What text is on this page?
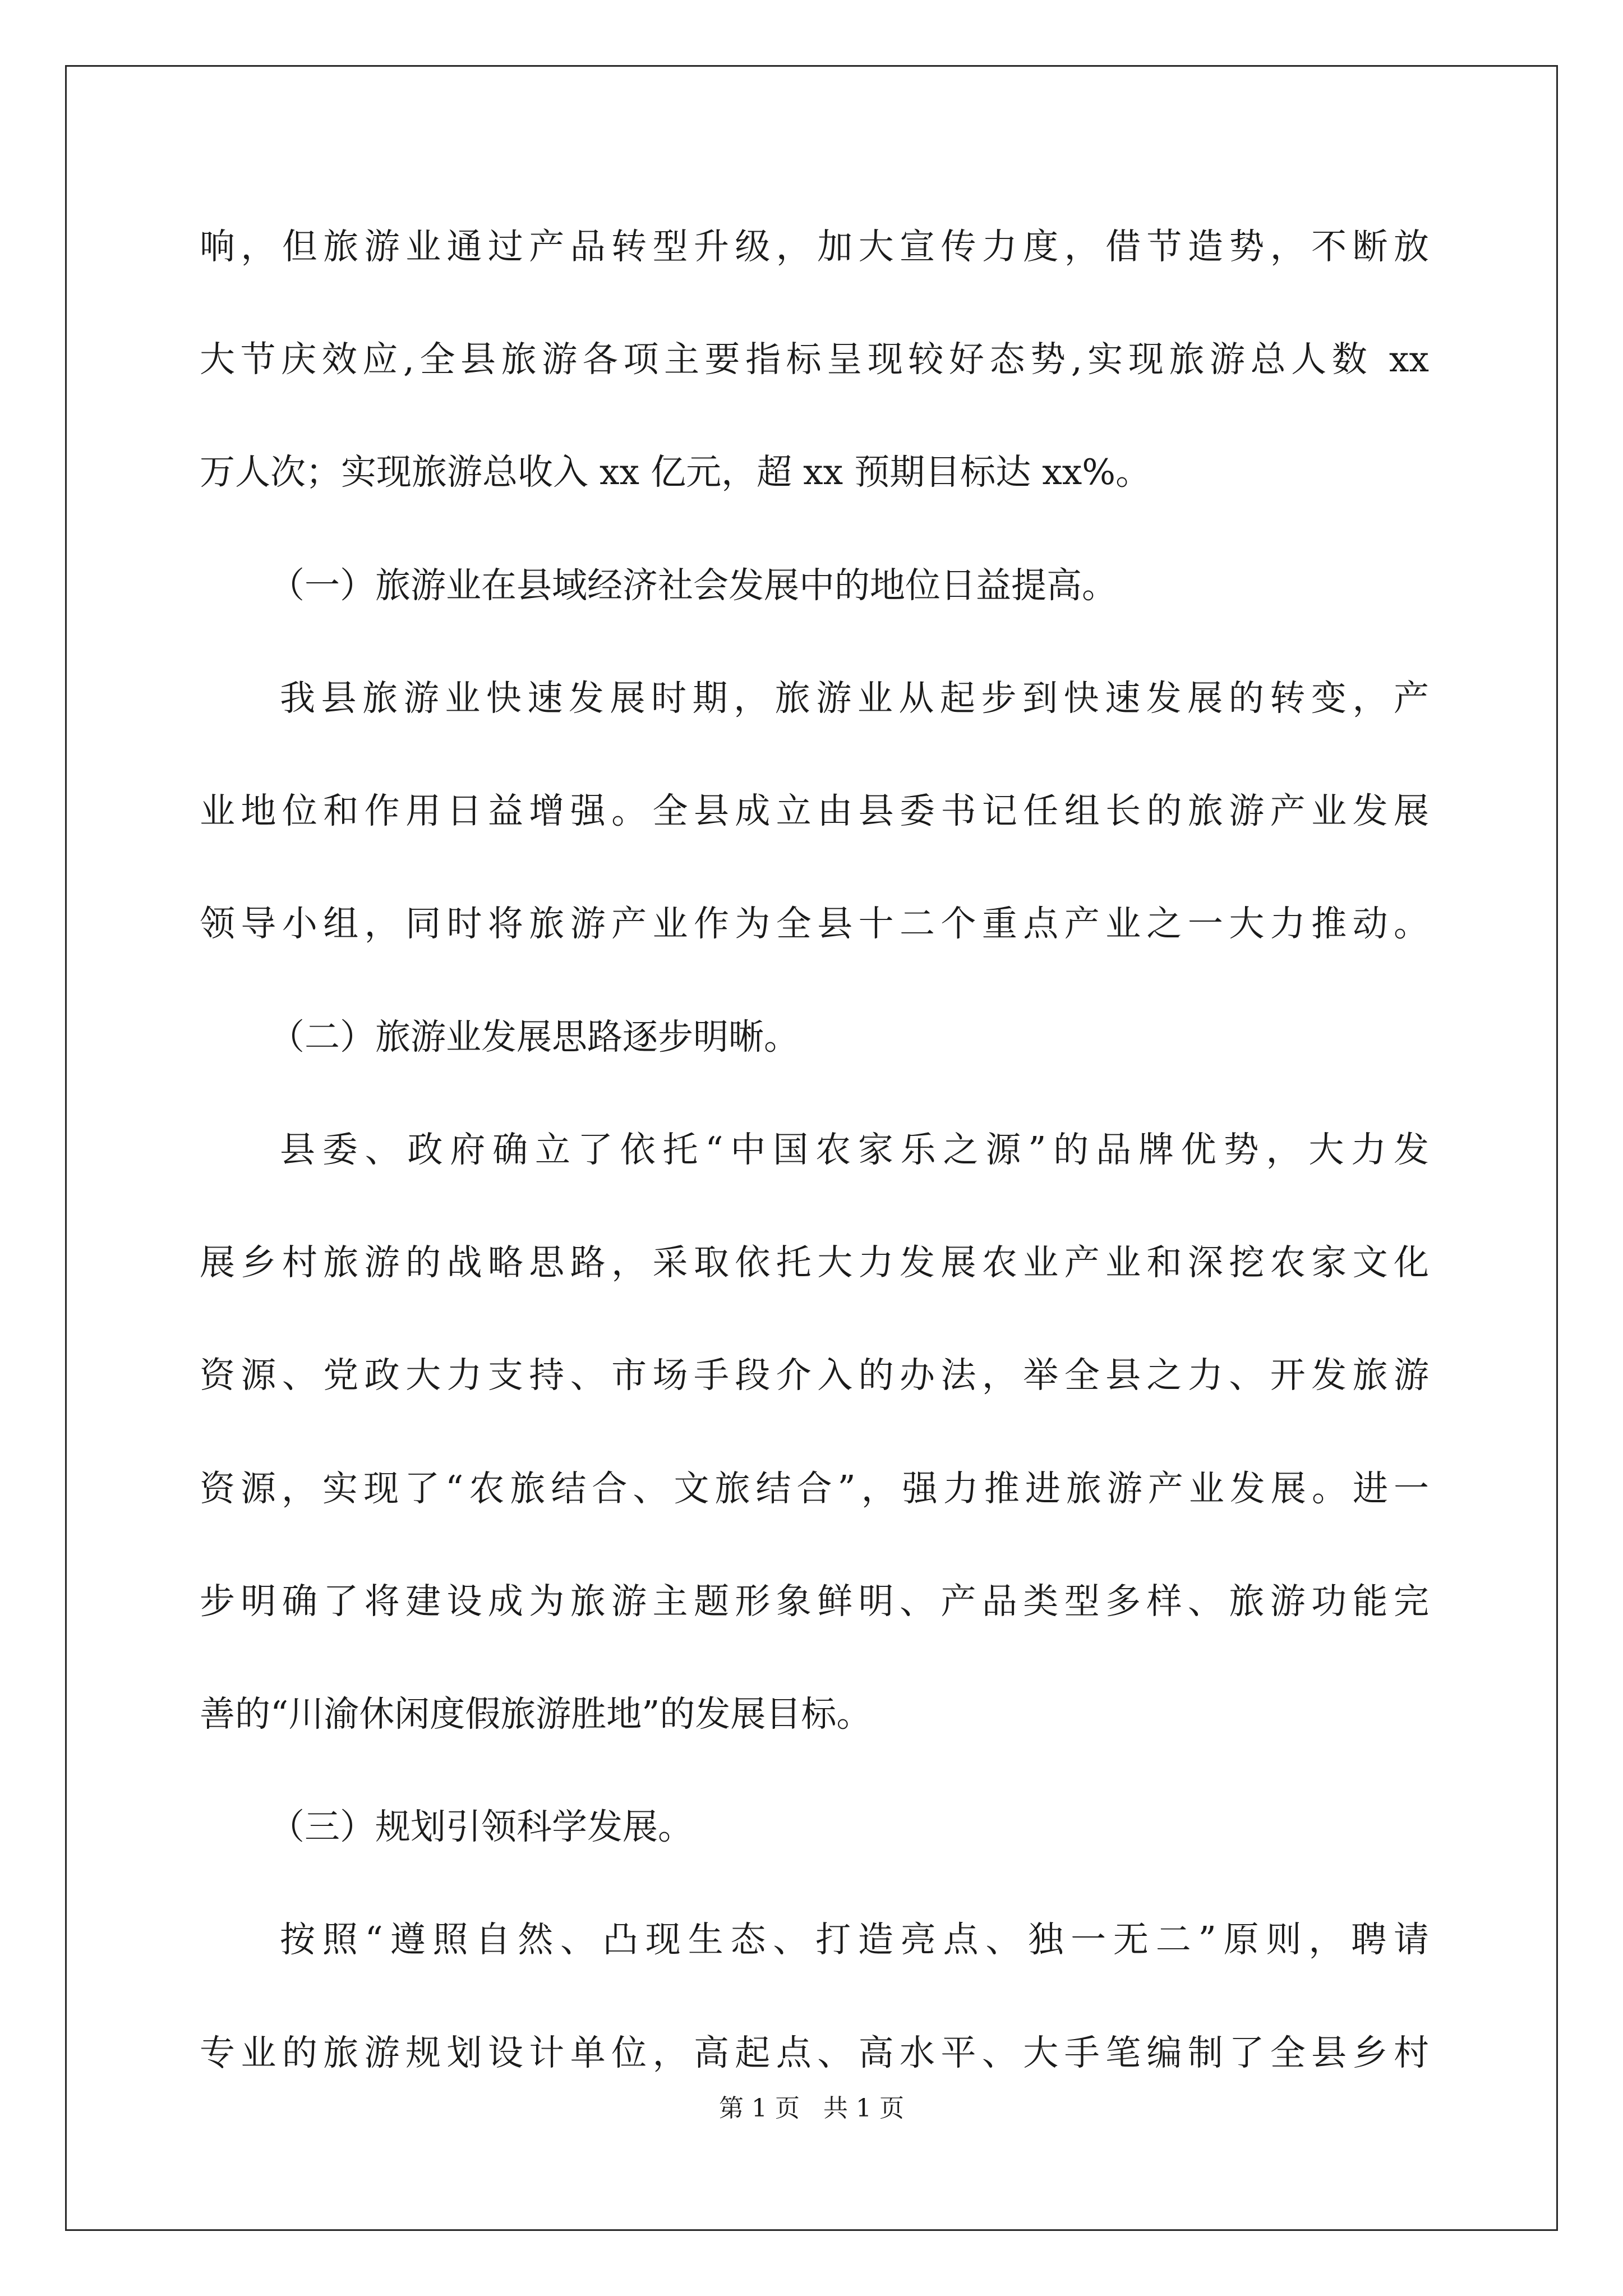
响，但旅游业通过产品转型升级，加大宣传力度，借节造势，不断放
大节庆效应,全县旅游各项主要指标呈现较好态势,实现旅游总人数 xx
万人次；实现旅游总收入 xx 亿元，超 xx 预期目标达 xx%。
（一）旅游业在县域经济社会发展中的地位日益提高。
我县旅游业快速发展时期，旅游业从起步到快速发展的转变，产
业地位和作用日益增强。全县成立由县委书记任组长的旅游产业发展
领导小组，同时将旅游产业作为全县十二个重点产业之一大力推动。
（二）旅游业发展思路逐步明晰。
县委、政府确立了依托“中国农家乐之源”的品牌优势，大力发
展乡村旅游的战略思路，采取依托大力发展农业产业和深挖农家文化
资源、党政大力支持、市场手段介入的办法，举全县之力、开发旅游
资源，实现了“农旅结合、文旅结合”，强力推进旅游产业发展。进一
步明确了将建设成为旅游主题形象鲜明、产品类型多样、旅游功能完
善的“川渝休闲度假旅游胜地”的发展目标。
（三）规划引领科学发展。
按照“遵照自然、凸现生态、打造亮点、独一无二”原则，聘请
专业的旅游规划设计单位，高起点、高水平、大手笔编制了全县乡村
第 1 页 共 1 页
